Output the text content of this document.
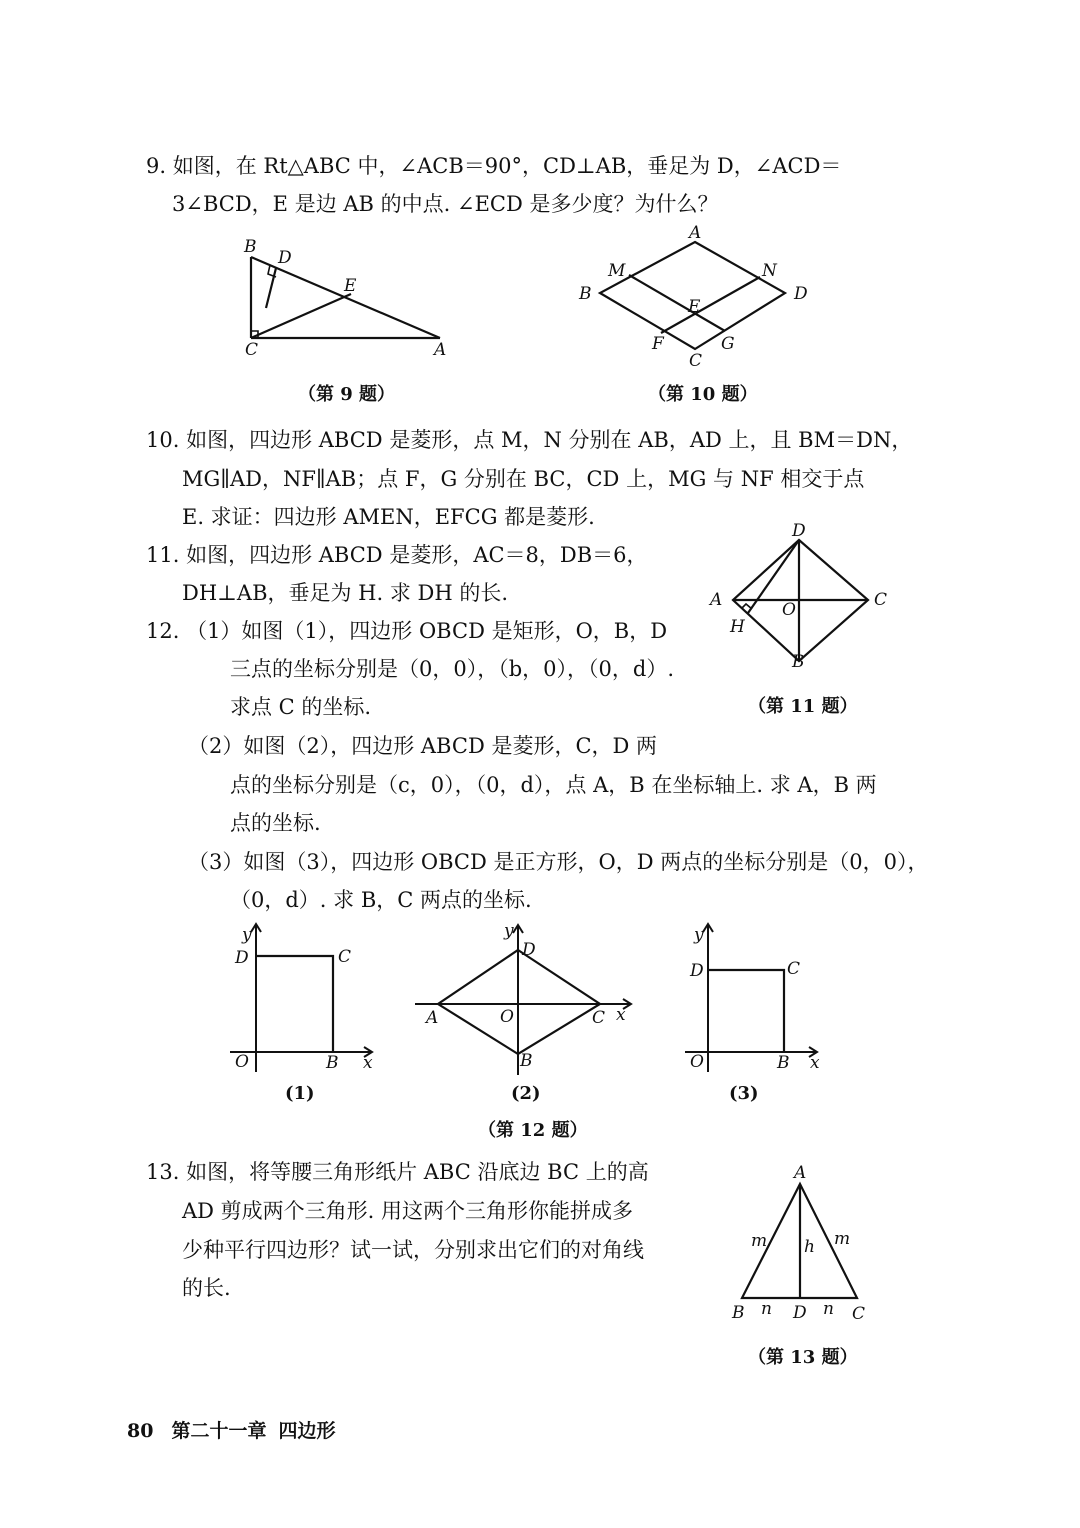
9. 如图，在 Rt△ABC 中，∠ACB＝90°，CD⊥AB，垂足为 D，∠ACD＝
3∠BCD，E 是边 AB 的中点. ∠ECD 是多少度？为什么？
B
D
E
C	A
（第 9 题）
A
M	N
B	D
E
F	G
C
（第 10 题）
10. 如图，四边形 ABCD 是菱形，点 M，N 分别在 AB，AD 上，且 BM＝DN，
MG∥AD，NF∥AB；点 F，G 分别在 BC，CD 上，MG 与 NF 相交于点
E. 求证：四边形 AMEN，EFCG 都是菱形.
11. 如图，四边形 ABCD 是菱形，AC＝8，DB＝6，
DH⊥AB，垂足为 H. 求 DH 的长.
D
A	O	C
H
B
（第 11 题）
12. （1）如图（1），四边形 OBCD 是矩形，O，B，D
三点的坐标分别是（0，0），（b，0），（0，d）.
求点 C 的坐标.
（2）如图（2），四边形 ABCD 是菱形，C，D 两
点的坐标分别是（c，0），（0，d），点 A，B 在坐标轴上. 求 A，B 两
点的坐标.
（3）如图（3），四边形 OBCD 是正方形，O，D 两点的坐标分别是（0，0），
（0，d）. 求 B，C 两点的坐标.
y
D	C
O	B x
(1)
y
D
A	O	C x
B
(2)
y
D	C
O	B x
(3)
（第 12 题）
13. 如图，将等腰三角形纸片 ABC 沿底边 BC 上的高
AD 剪成两个三角形. 用这两个三角形你能拼成多
少种平行四边形？试一试，分别求出它们的对角线
的长.
A
m h m
B n D n C
（第 13 题）
80 第二十一章 四边形
